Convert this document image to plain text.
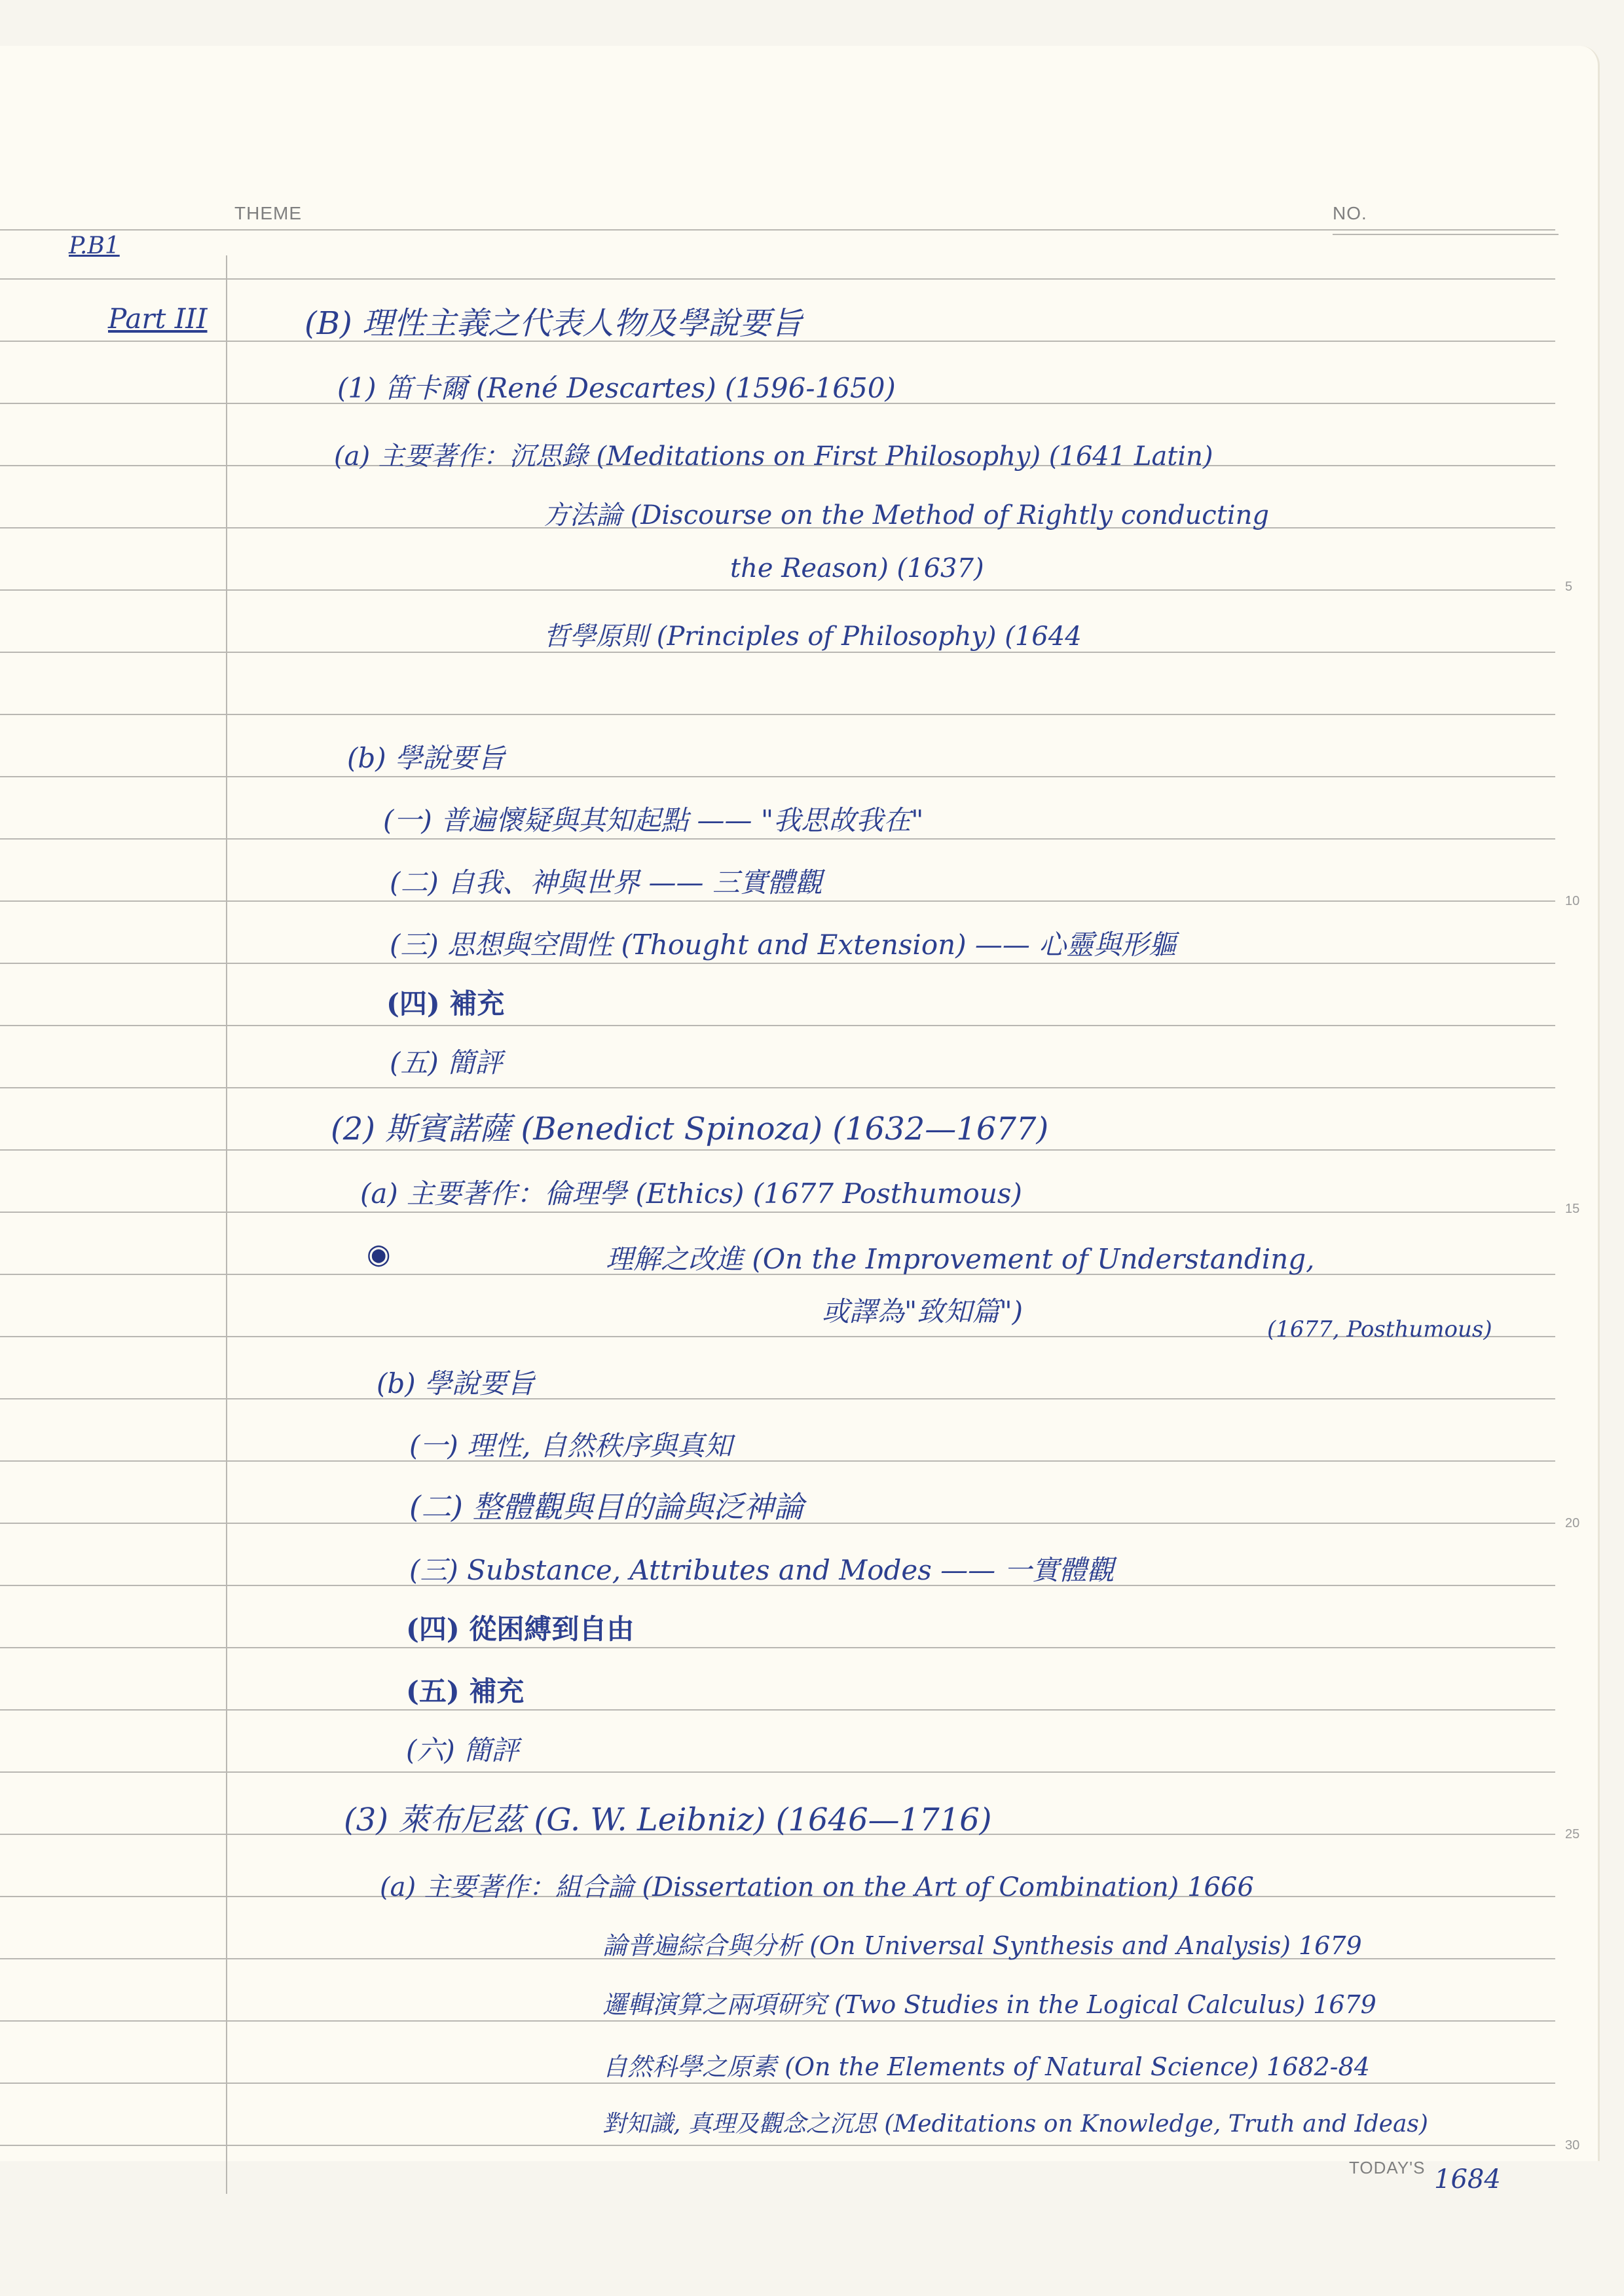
THEME	NO.
5
10
15
20
25
30
P.B1
Part III	(B) 理性主義之代表人物及學說要旨
(1) 笛卡爾 (René Descartes) (1596-1650)
(a) 主要著作：沉思錄 (Meditations on First Philosophy) (1641 Latin)
方法論 (Discourse on the Method of Rightly conducting
the Reason) (1637)
哲學原則 (Principles of Philosophy) (1644
(b) 學說要旨
(一) 普遍懷疑與其知起點 —— "我思故我在"
(二) 自我、神與世界 —— 三實體觀
(三) 思想與空間性 (Thought and Extension) —— 心靈與形軀
(四) 補充
(五) 簡評
(2) 斯賓諾薩 (Benedict Spinoza) (1632—1677)
(a) 主要著作：倫理學 (Ethics) (1677 Posthumous)
◉	理解之改進 (On the Improvement of Understanding,
或譯為"致知篇")
(1677, Posthumous)
(b) 學說要旨
(一) 理性, 自然秩序與真知
(二) 整體觀與目的論與泛神論
(三) Substance, Attributes and Modes —— 一實體觀
(四) 從困縛到自由
(五) 補充
(六) 簡評
(3) 萊布尼茲 (G. W. Leibniz) (1646—1716)
(a) 主要著作：組合論 (Dissertation on the Art of Combination) 1666
論普遍綜合與分析 (On Universal Synthesis and Analysis) 1679
邏輯演算之兩項研究 (Two Studies in the Logical Calculus) 1679
自然科學之原素 (On the Elements of Natural Science) 1682-84
對知識, 真理及觀念之沉思 (Meditations on Knowledge, Truth and Ideas)
TODAY'S 1684
